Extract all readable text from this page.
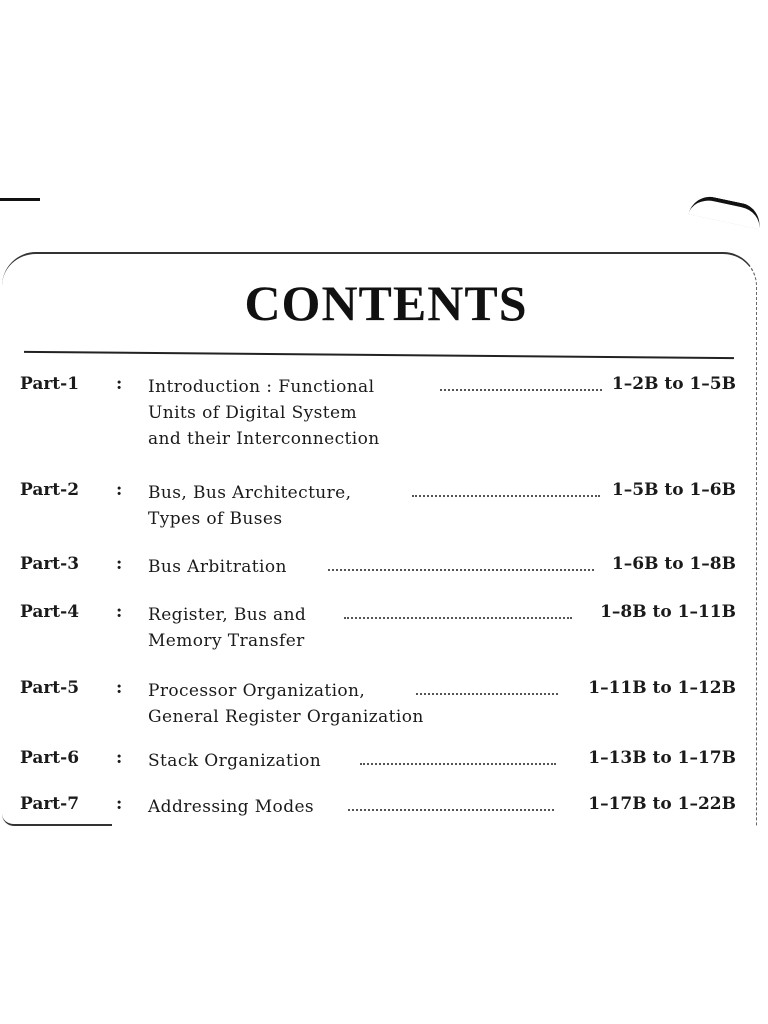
CONTENTS
Part-1 : Introduction : Functional
Units of Digital System
and their Interconnection
1–2B to 1–5B
Part-2 : Bus, Bus Architecture,
Types of Buses
1–5B to 1–6B
Part-3 : Bus Arbitration	1–6B to 1–8B
Part-4 : Register, Bus and
Memory Transfer
1–8B to 1–11B
Part-5 : Processor Organization,
General Register Organization
1–11B to 1–12B
Part-6 : Stack Organization	1–13B to 1–17B
Part-7 : Addressing Modes	1–17B to 1–22B
